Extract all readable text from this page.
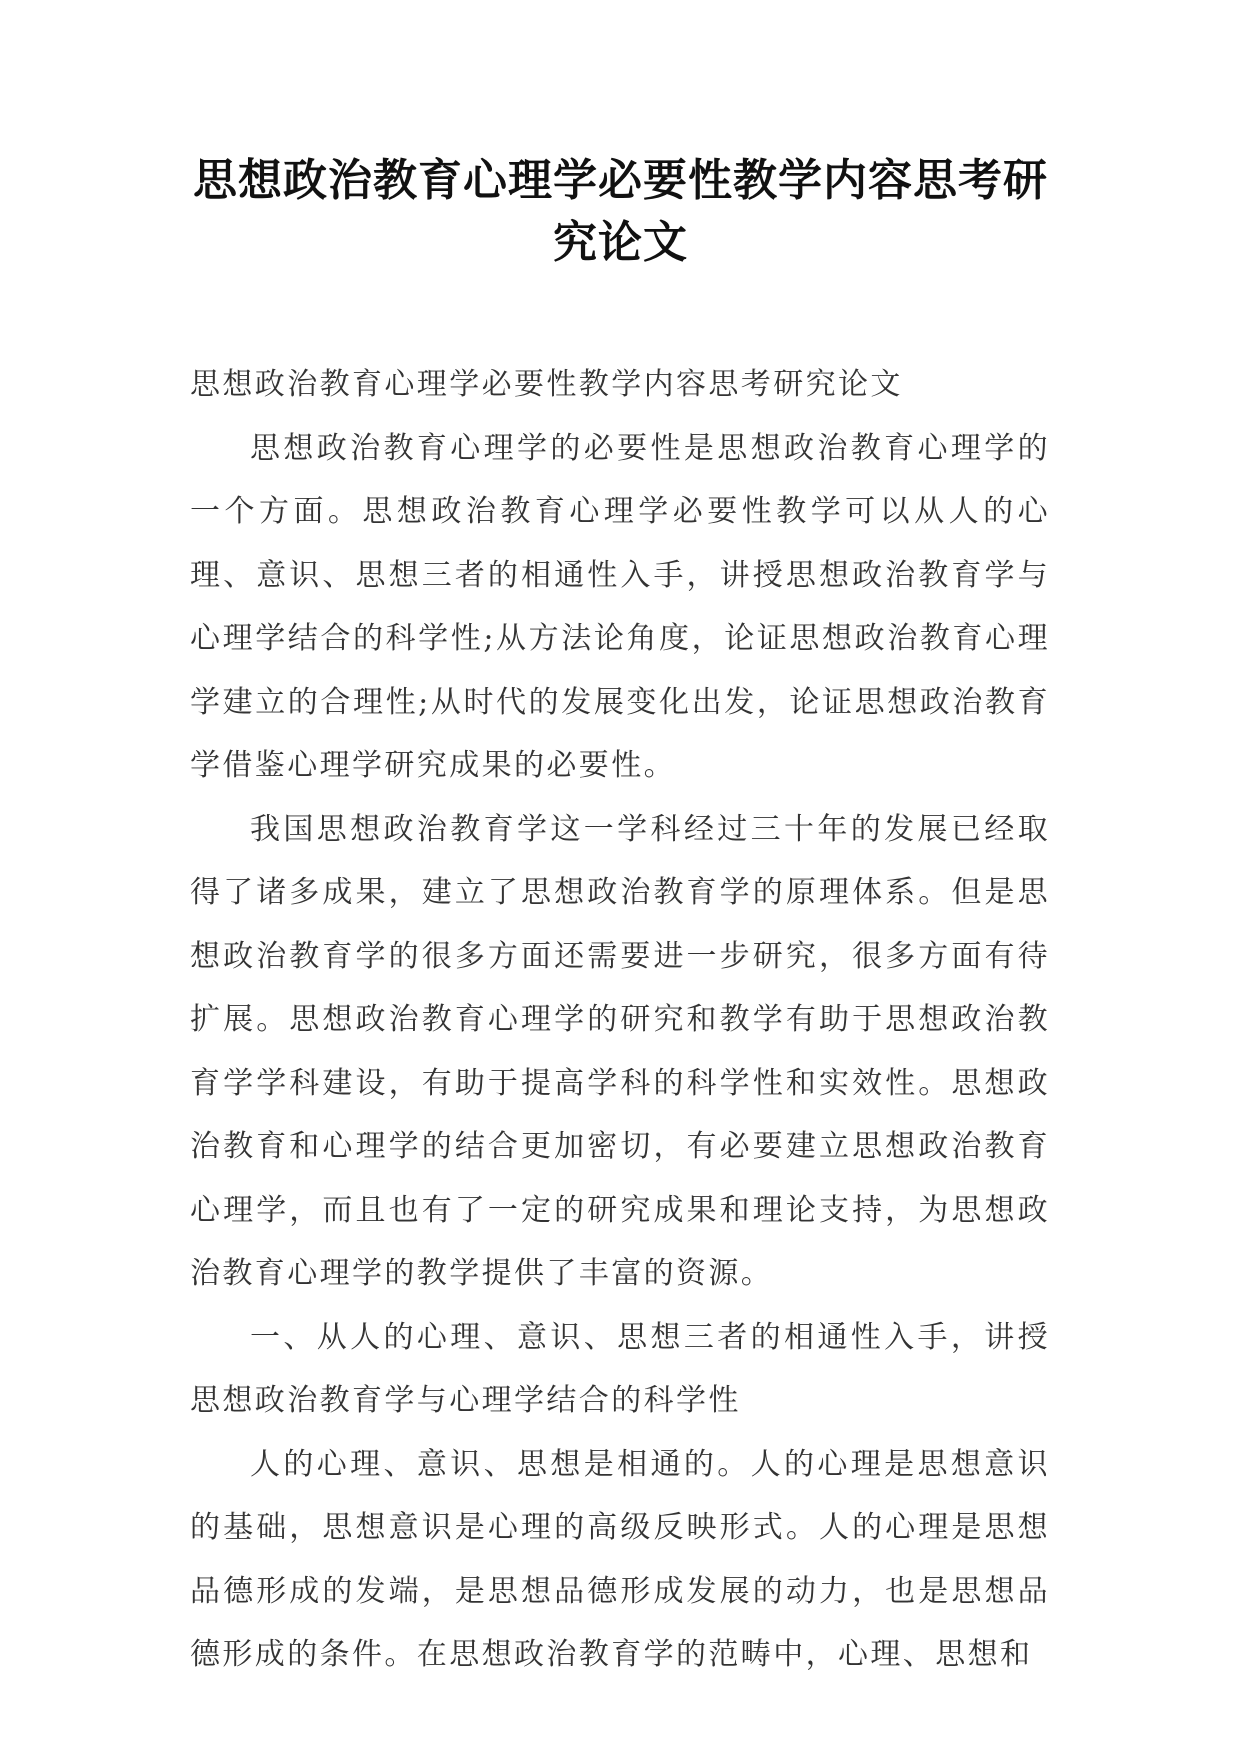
思想政治教育心理学必要性教学内容思考研究论文

思想政治教育心理学必要性教学内容思考研究论文

思想政治教育心理学的必要性是思想政治教育心理学的一个方面。思想政治教育心理学必要性教学可以从人的心理、意识、思想三者的相通性入手，讲授思想政治教育学与心理学结合的科学性;从方法论角度，论证思想政治教育心理学建立的合理性;从时代的发展变化出发，论证思想政治教育学借鉴心理学研究成果的必要性。

我国思想政治教育学这一学科经过三十年的发展已经取得了诸多成果，建立了思想政治教育学的原理体系。但是思想政治教育学的很多方面还需要进一步研究，很多方面有待扩展。思想政治教育心理学的研究和教学有助于思想政治教育学学科建设，有助于提高学科的科学性和实效性。思想政治教育和心理学的结合更加密切，有必要建立思想政治教育心理学，而且也有了一定的研究成果和理论支持，为思想政治教育心理学的教学提供了丰富的资源。

一、从人的心理、意识、思想三者的相通性入手，讲授思想政治教育学与心理学结合的科学性

人的心理、意识、思想是相通的。人的心理是思想意识的基础，思想意识是心理的高级反映形式。人的心理是思想品德形成的发端，是思想品德形成发展的动力，也是思想品德形成的条件。在思想政治教育学的范畴中，心理、思想和
